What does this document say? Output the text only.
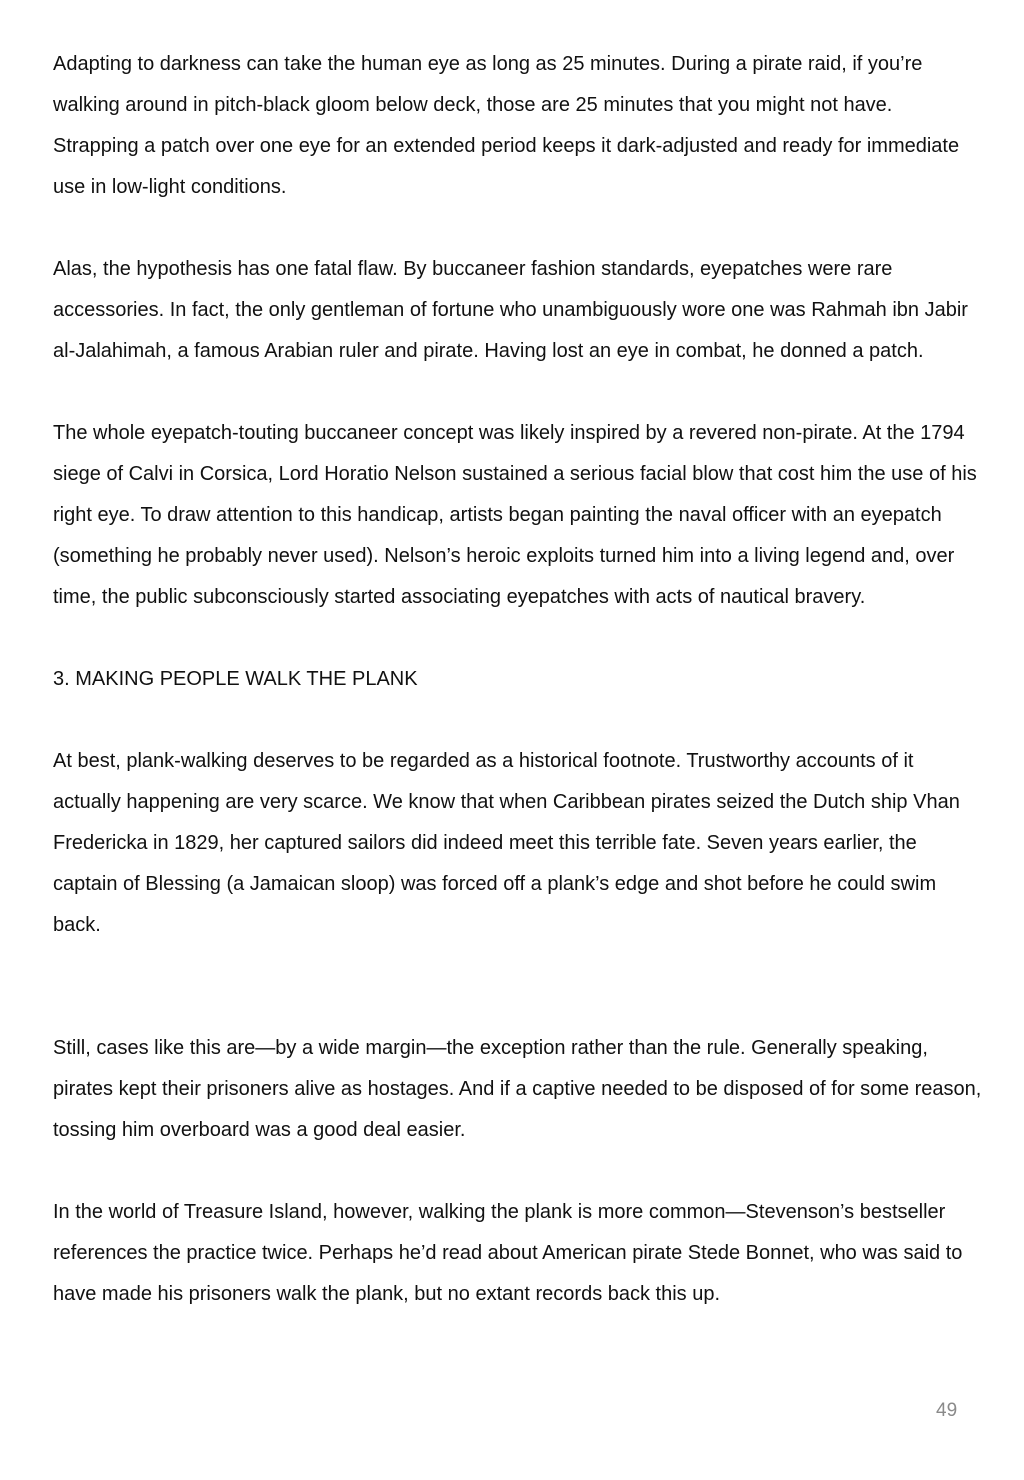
Adapting to darkness can take the human eye as long as 25 minutes. During a pirate raid, if you’re walking around in pitch-black gloom below deck, those are 25 minutes that you might not have. Strapping a patch over one eye for an extended period keeps it dark-adjusted and ready for immediate use in low-light conditions.

Alas, the hypothesis has one fatal flaw. By buccaneer fashion standards, eyepatches were rare accessories. In fact, the only gentleman of fortune who unambiguously wore one was Rahmah ibn Jabir al-Jalahimah, a famous Arabian ruler and pirate. Having lost an eye in combat, he donned a patch.

The whole eyepatch-touting buccaneer concept was likely inspired by a revered non-pirate. At the 1794 siege of Calvi in Corsica, Lord Horatio Nelson sustained a serious facial blow that cost him the use of his right eye. To draw attention to this handicap, artists began painting the naval officer with an eyepatch (something he probably never used). Nelson’s heroic exploits turned him into a living legend and, over time, the public subconsciously started associating eyepatches with acts of nautical bravery.

3. MAKING PEOPLE WALK THE PLANK

At best, plank-walking deserves to be regarded as a historical footnote. Trustworthy accounts of it actually happening are very scarce. We know that when Caribbean pirates seized the Dutch ship Vhan Fredericka in 1829, her captured sailors did indeed meet this terrible fate. Seven years earlier, the captain of Blessing (a Jamaican sloop) was forced off a plank’s edge and shot before he could swim back.

Still, cases like this are—by a wide margin—the exception rather than the rule. Generally speaking, pirates kept their prisoners alive as hostages. And if a captive needed to be disposed of for some reason, tossing him overboard was a good deal easier.

In the world of Treasure Island, however, walking the plank is more common—Stevenson’s bestseller references the practice twice. Perhaps he’d read about American pirate Stede Bonnet, who was said to have made his prisoners walk the plank, but no extant records back this up.

49
